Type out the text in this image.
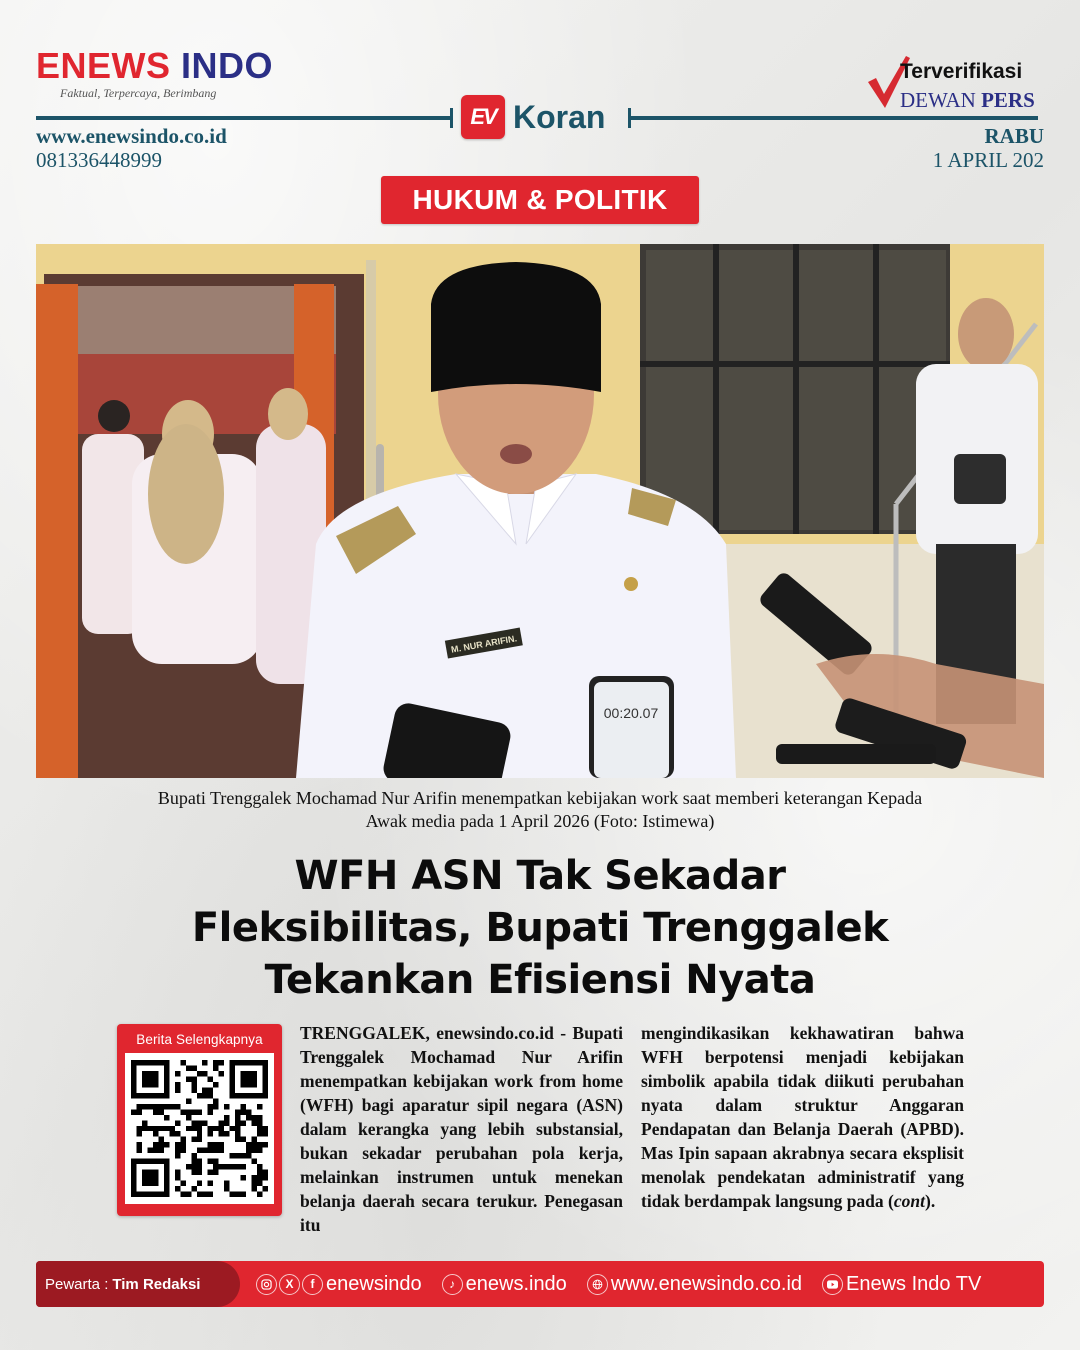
ENEWS INDO
Faktual, Terpercaya, Berimbang
EV Koran
www.enewsindo.co.id
081336448999
Terverifikasi
DEWAN PERS
RABU
1 APRIL 202
HUKUM & POLITIK
M. NUR ARIFIN.
00:20.07
Bupati Trenggalek Mochamad Nur Arifin menempatkan kebijakan work saat memberi keterangan Kepada
Awak media pada 1 April 2026 (Foto: Istimewa)
WFH ASN Tak Sekadar
Fleksibilitas, Bupati Trenggalek
Tekankan Efisiensi Nyata
Berita Selengkapnya	TRENGGALEK, enewsindo.co.id - Bupati Trenggalek Mochamad Nur Arifin menempatkan kebijakan work from home (WFH) bagi aparatur sipil negara (ASN) dalam kerangka yang lebih substansial, bukan sekadar perubahan pola kerja, melainkan instrumen untuk menekan belanja daerah secara terukur. Penegasan itu
mengindikasikan kekhawatiran bahwa WFH berpotensi menjadi kebijakan simbolik apabila tidak diikuti perubahan nyata dalam struktur Anggaran Pendapatan dan Belanja Daerah (APBD). Mas Ipin sapaan akrabnya secara eksplisit menolak pendekatan administratif yang tidak berdampak langsung pada (cont).
Pewarta : Tim Redaksi	X	f enewsindo	♪ enews.indo www.enewsindo.co.id Enews Indo TV
